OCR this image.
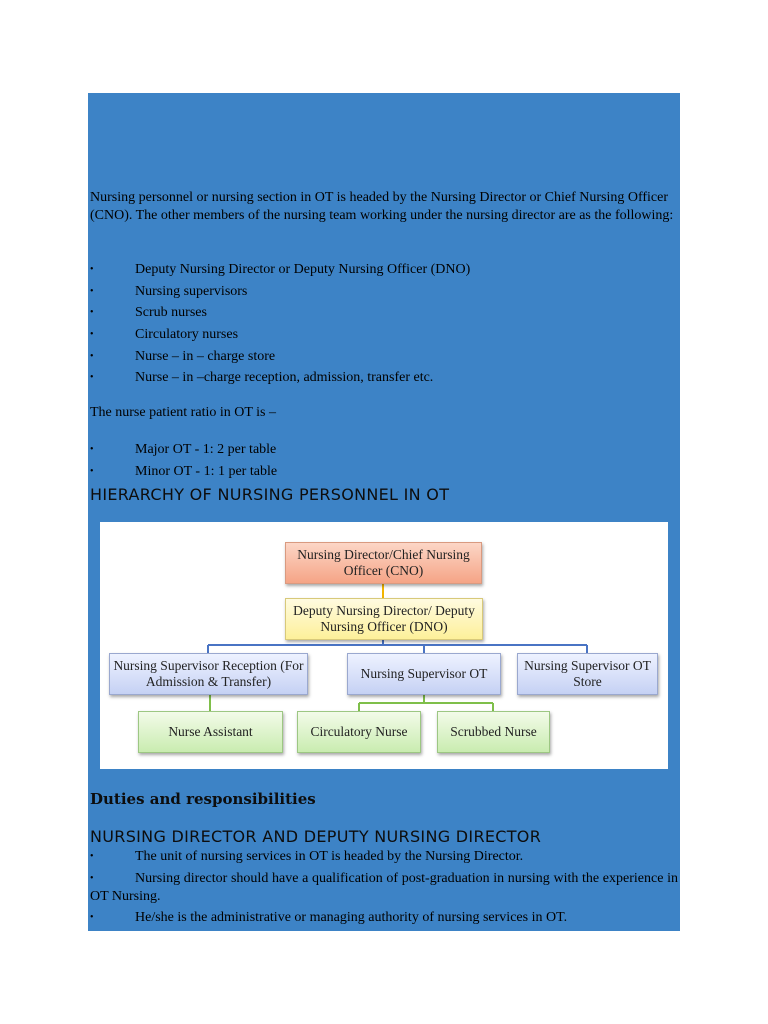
Nursing personnel or nursing section in OT is headed by the Nursing Director or Chief Nursing Officer (CNO). The other members of the nursing team working under the nursing director are as the following:

•	Deputy Nursing Director or Deputy Nursing Officer (DNO)
•	Nursing supervisors
•	Scrub nurses
•	Circulatory nurses
•	Nurse – in – charge store
•	Nurse – in –charge reception, admission, transfer etc.

The nurse patient ratio in OT is –

•	Major OT - 1: 2 per table
•	Minor OT - 1: 1 per table
HIERARCHY OF NURSING PERSONNEL IN OT
Nursing Director/Chief Nursing Officer (CNO)
Deputy Nursing Director/ Deputy Nursing Officer (DNO)
Nursing Supervisor Reception (For Admission & Transfer)
Nursing Supervisor OT
Nursing Supervisor OT Store
Nurse Assistant	Circulatory Nurse	Scrubbed Nurse
Duties and responsibilities
NURSING DIRECTOR AND DEPUTY NURSING DIRECTOR
•	The unit of nursing services in OT is headed by the Nursing Director.
•	Nursing director should have a qualification of post-graduation in nursing with the experience in OT Nursing.
•	He/she is the administrative or managing authority of nursing services in OT.
